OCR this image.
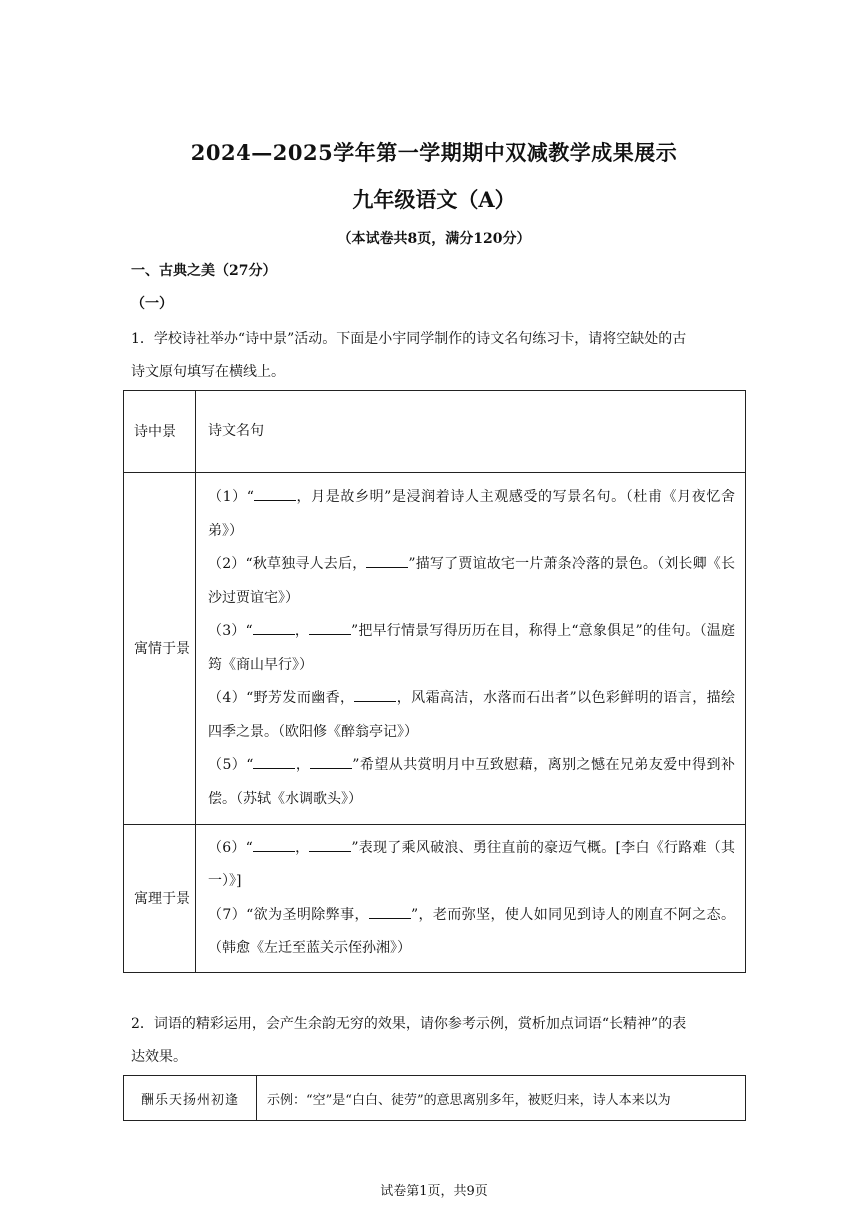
2024—2025学年第一学期期中双减教学成果展示
九年级语文（A）
（本试卷共8页，满分120分）
一、古典之美（27分）
（一）
1．学校诗社举办“诗中景”活动。下面是小宇同学制作的诗文名句练习卡，请将空缺处的古
诗文原句填写在横线上。
诗中景	诗文名句
寓情于景	（1）“ ，月是故乡明”是浸润着诗人主观感受的写景名句。（杜甫《月夜忆舍弟》）
（2）“秋草独寻人去后， ”描写了贾谊故宅一片萧条冷落的景色。（刘长卿《长沙过贾谊宅》）
（3）“ ， ”把早行情景写得历历在目，称得上“意象俱足”的佳句。（温庭筠《商山早行》）
（4）“野芳发而幽香， ，风霜高洁，水落而石出者”以色彩鲜明的语言，描绘四季之景。（欧阳修《醉翁亭记》）
（5）“ ， ”希望从共赏明月中互致慰藉，离别之憾在兄弟友爱中得到补偿。（苏轼《水调歌头》）

寓理于景	（6）“ ， ”表现了乘风破浪、勇往直前的豪迈气概。[李白《行路难（其一）》]
（7）“欲为圣明除弊事， ”，老而弥坚，使人如同见到诗人的刚直不阿之态。（韩愈《左迁至蓝关示侄孙湘》）
2．词语的精彩运用，会产生余韵无穷的效果，请你参考示例，赏析加点词语“长精神”的表
达效果。
酬乐天扬州初逢	示例：“空”是“白白、徒劳”的意思离别多年，被贬归来，诗人本来以为
试卷第1页，共9页
